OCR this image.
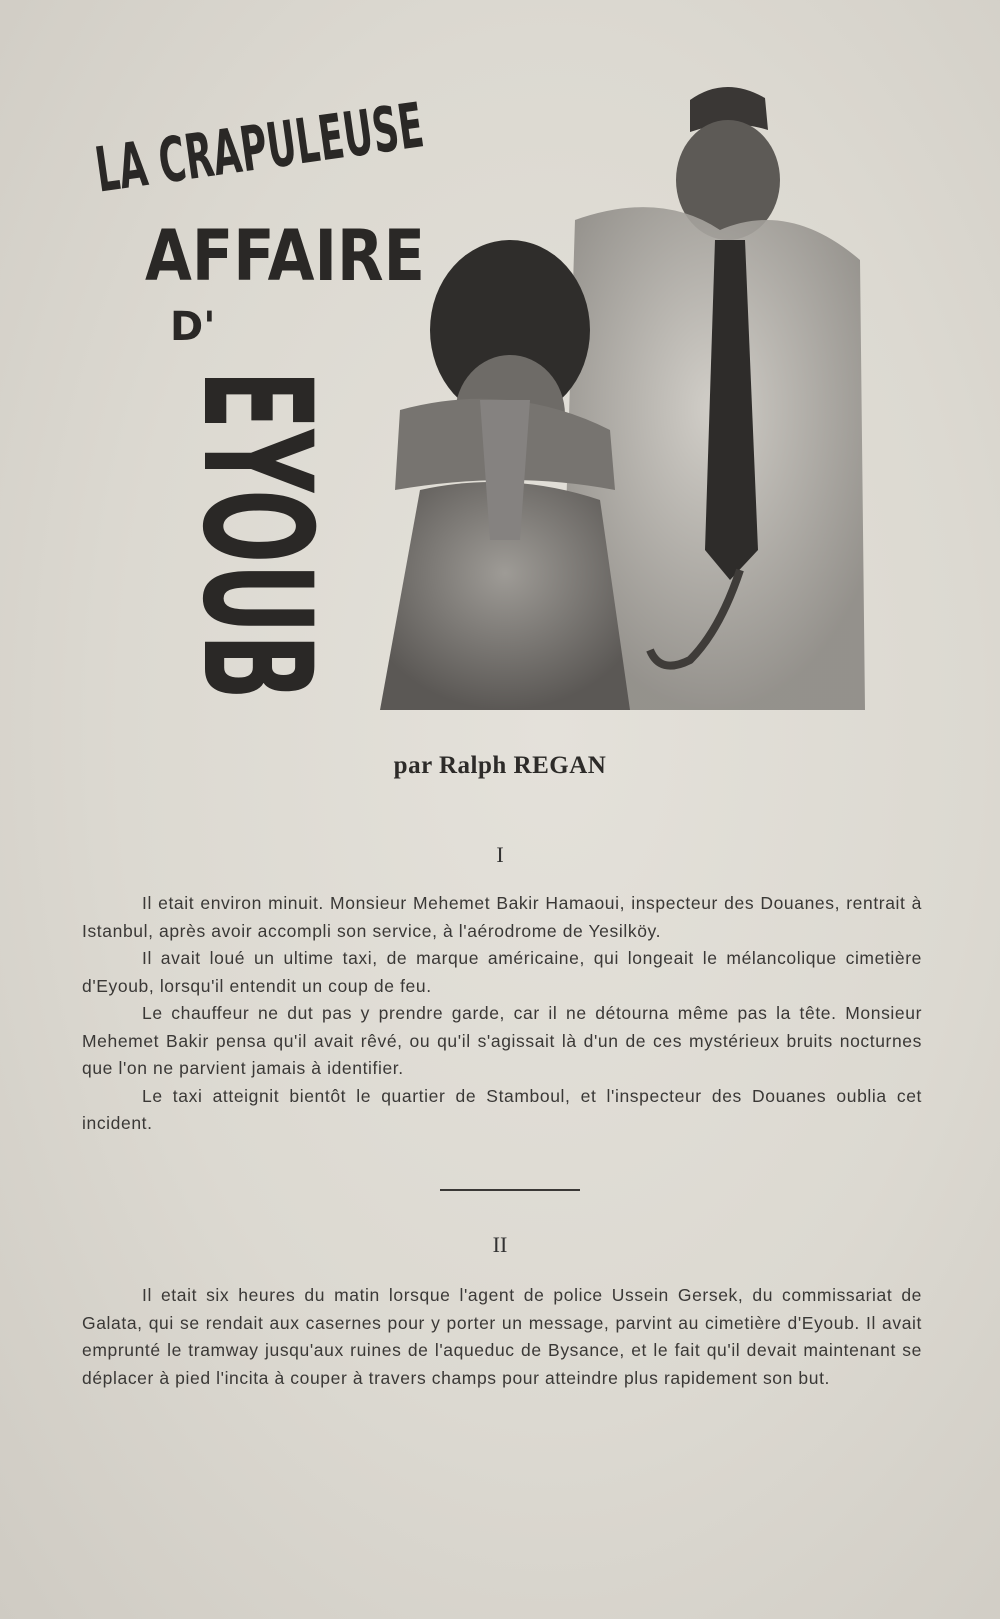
LA CRAPULEUSE
AFFAIRE
D'
EYOUB	par Ralph REGAN
I

Il etait environ minuit. Monsieur Mehemet Bakir Hamaoui, inspecteur des Douanes, rentrait à Istanbul, après avoir accompli son service, à l'aérodrome de Yesilköy.

Il avait loué un ultime taxi, de marque américaine, qui longeait le mélancolique cimetière d'Eyoub, lorsqu'il entendit un coup de feu.

Le chauffeur ne dut pas y prendre garde, car il ne détourna même pas la tête. Monsieur Mehemet Bakir pensa qu'il avait rêvé, ou qu'il s'agissait là d'un de ces mystérieux bruits nocturnes que l'on ne parvient jamais à identifier.

Le taxi atteignit bientôt le quartier de Stamboul, et l'inspecteur des Douanes oublia cet incident.

II

Il etait six heures du matin lorsque l'agent de police Ussein Gersek, du commissariat de Galata, qui se rendait aux casernes pour y porter un message, parvint au cimetière d'Eyoub. Il avait emprunté le tramway jusqu'aux ruines de l'aqueduc de Bysance, et le fait qu'il devait maintenant se déplacer à pied l'incita à couper à travers champs pour atteindre plus rapidement son but.
